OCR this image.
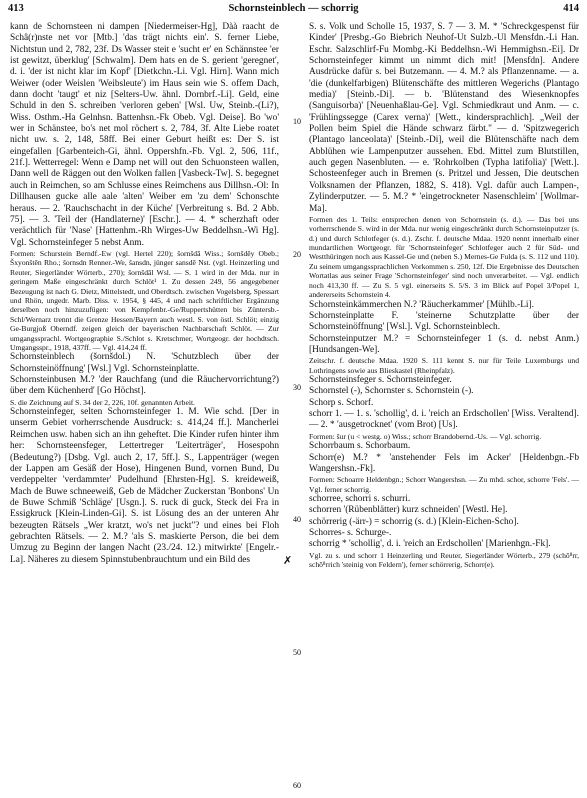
413	Schornsteinblech — schorrig	414

kann de Schornsteen ni dampen [Niedermeiser-Hg], Dàà raacht de Schâ(r)nste net vor [Mtb.] 'das trägt nichts ein'. S. ferner Liebe, Nichtstun und 2, 782, 23f. Ds Wasser steit e 'sucht er' en Schännstee 'er ist gewitzt, überklug' [Schwalm]. Dem hats en de S. gerient 'geregnet', d. i. 'der ist nicht klar im Kopf' [Dietkchn.-Li. Vgl. Hirn]. Wann mich Weiwer (oder Weislen 'Weibsleute') im Haus sein wie S. offem Dach, dann docht 'taugt' et niz [Selters-Uw. ähnl. Dornbrf.-Li]. Geld, eine Schuld in den S. schreiben 'verloren geben' [Wsl. Uw, Steinb.-(Li?), Wiss. Osthm.-Ha Gelnhsn. Battenhsn.-Fk Obeb. Vgl. Deise]. Bo 'wo' wer in Schänstee, bo's net mol röchert s. 2, 784, 3f. Alte Liebe roatet nicht uw. s. 2, 148, 58ff. Bei einer Geburt heißt es: Der S. ist eingefallen [Garbenteich-Gi, ähnl. Oppershfn.-Fb. Vgl. 2, 506, 11f., 21f.]. Wetterregel: Wenn e Damp net will out den Schuonsteen wallen, Dann well de Räggen out den Wolken fallen [Vasbeck-Tw]. S. begegnet auch in Reimchen, so am Schlusse eines Reimchens aus Dillhsn.-Ol: In Dillhausen gucke alle aale 'alten' Weiber em 'zu dem' Schonschte heraus. — 2. 'Rauchschacht in der Küche' [Verbreitung s. Bd. 2 Abb. 75]. — 3. 'Teil der (Handlaterne)' [Eschr.]. — 4. * scherzhaft oder verächtlich für 'Nase' [Hattenhm.-Rh Wirges-Uw Beddelhsn.-Wi Hg]. Vgl. Schornsteinfeger 5 nebst Anm.

Formen: Schurstein Berndf.-Ew (vgl. Hertel 220); šornšdā Wiss.; šornšdēy Obeb.; Šxyonštēn Rho.; šornsdn Renner.-We, šansdn, jünger sansdē Nst. (vgl. Heinzerling und Reuter, Siegerländer Wörterb., 270); šornšdāl Wsl. — S. 1 wird in der Mda. nur in geringem Maße eingeschränkt durch Schlöt¹ 1. Zu dessen 249, 56 angegebener Bezeugung ist nach G. Dietz, Mittelstedt, und Oberdtsch. zwischen Vogelsberg, Spessart und Rhön, ungedr. Marb. Diss. v. 1954, § 445, 4 und nach schriftlicher Ergänzung derselben noch hinzuzufügen: von Kempfenbr.-Ge/Ruppertshütten bis Züntersb.-Schl/Wernarz trennt die Grenze Hessen/Bayern auch westl. S. von östl. Schlöt; einzig Ge-Burgjoß Oberndf. zeigen gleich der bayerischen Nachbarschaft Schlöt. — Zur umgangssprachl. Wortgeographie S./Schlot s. Kretschmer, Wortgeogr. der hochdtsch. Umgangsspr., 1918, 437ff. — Vgl. 414,24 ff.

Schornsteinblech (šornšdol.) N. 'Schutzblech über der Schornsteinöffnung' [Wsl.] Vgl. Schornsteinplatte.

Schornsteinbusen M.? 'der Rauchfang (und die Räuchervorrichtung?) über dem Küchenherd' [Go Höchst].

S. die Zeichnung auf S. 34 der 2, 226, 10f. genannten Arbeit.

Schornsteinfeger, selten Schornsteinfeger 1. M. Wie schd. [Der in unserm Gebiet vorherrschende Ausdruck: s. 414,24 ff.]. Mancherlei Reimchen usw. haben sich an ihn geheftet. Die Kinder rufen hinter ihm her: Schornsteensfeger, Lettertreger 'Leiterträger', Hosespohn (Bedeutung?) [Dsbg. Vgl. auch 2, 17, 5ff.]. S., Lappenträger (wegen der Lappen am Gesäß der Hose), Hingenen Bund, vornen Bund, Du verdeppelter 'verdammter' Pudelhund [Ehrsten-Hg]. S. kreideweiß, Mach de Buwe schneeweiß, Geb de Mädcher Zuckerstan 'Bonbons' Un de Buwe Schmiß 'Schläge' [Usgn.]. S. ruck di guck, Steck dei Fra in Essigkruck [Klein-Linden-Gi]. S. ist Lösung des an der unteren Ahr bezeugten Rätsels „Wer kratzt, wo's net juckt"? und eines bei Floh gebrachten Rätsels. — 2. M.? 'als S. maskierte Person, die bei dem Umzug zu Beginn der langen Nacht (23./24. 12.) mitwirkte' [Engelr.-La]. Näheres zu diesem Spinnstubenbrauchtum und ein Bild des

10
20
30
40
50
60
✗

S. s. Volk und Scholle 15, 1937, S. 7 — 3. M. * 'Schreckgespenst für Kinder' [Presbg.-Go Biebrich Neuhof-Ut Sulzb.-Ul Mensfdn.-Li Han. Eschr. Salzschlirf-Fu Mombg.-Ki Beddelhsn.-Wi Hemmighsn.-Ei]. Dr Schornsteinfeger kimmt un nimmt dich mit! [Mensfdn]. Andere Ausdrücke dafür s. bei Butzemann. — 4. M.? als Pflanzenname. — a. 'die (dunkelfarbigen) Blütenschäfte des mittleren Wegerichs (Plantago media)' [Steinb.-Di]. — b. 'Blütenstand des Wiesenknopfes (Sanguisorba)' [Neuenhaßlau-Ge]. Vgl. Schmiedkraut und Anm. — c. 'Frühlingssegge (Carex verna)' [Wett., kindersprachlich]. „Weil der Pollen beim Spiel die Hände schwarz färbt." — d. 'Spitzwegerich (Plantago lanceolata)' [Steinb.-Di], weil die Blütenschäfte nach dem Abblühen wie Lampenputzer aussehen. Ebd. Mittel zum Blutstillen, auch gegen Nasenbluten. — e. 'Rohrkolben (Typha latifolia)' [Wett.]. Schosteenfeger auch in Bremen (s. Pritzel und Jessen, Die deutschen Volksnamen der Pflanzen, 1882, S. 418). Vgl. dafür auch Lampen-, Zylinderputzer. — 5. M.? * 'eingetrockneter Nasenschleim' [Wollmar-Ma].

Formen des 1. Teils: entsprechen denen von Schornstein (s. d.). — Das bei uns vorherrschende S. wird in der Mda. nur wenig eingeschränkt durch Schornsteinputzer (s. d.) und durch Schlotfeger (s. d.). Zschr. f. deutsche Mdaa. 1920 nennt innerhalb einer mundartlichen Wortgeogr. für 'Schornsteinfeger' Schlotfeger auch 2 für Süd- und Westthüringen noch aus Kassel-Ge und (neben S.) Mernes-Ge Fulda (s. S. 112 und 110). Zu seinem umgangssprachlichen Vorkommen s. 250, 12f. Die Ergebnisse des Deutschen Wortatlas aus seiner Frage 'Schornsteinfeger' sind noch unverarbeitet. — Vgl. endlich noch 413,30 ff. — Zu S. 5 vgl. einerseits S. 5/S. 3 im Blick auf Popel 3/Popel 1, andererseits Schornstein 4.

Schornsteinkämmerchen N.? 'Räucherkammer' [Mühlb.-Li].

Schornsteinplatte F. 'steinerne Schutzplatte über der Schornsteinöffnung' [Wsl.]. Vgl. Schornsteinblech.

Schornsteinputzer M.? = Schornsteinfeger 1 (s. d. nebst Anm.) [Hundsangen-We].

Zeitschr. f. deutsche Mdaa. 1920 S. 111 kennt S. nur für Teile Luxemburgs und Lothringens sowie aus Blieskastel (Rheinpfalz).

Schornsteinsfeger s. Schornsteinfeger.

Schornstel (-), Schornster s. Schornstein (-).

Schorp s. Schorf.

schorr 1. — 1. s. 'schollig', d. i. 'reich an Erdschollen' [Wiss. Veraltend]. — 2. * 'ausgetrocknet' (vom Brot) [Us].

Formen: šur (u < westg. o) Wiss.; schorr Brandobernd.-Us. — Vgl. schorrig.

Schorrbaum s. Schorbaum.

Schorr(e) M.? * 'anstehender Fels im Acker' [Heldenbgn.-Fb Wangershsn.-Fk].

Formen: Schoarre Heldenbgn.; Schorr Wangershsn. — Zu mhd. schor, schorre 'Fels'. — Vgl. ferner schorrig.

schorree, schorri s. schurri.

schorren '(Rübenblätter) kurz schneiden' [Westl. He].

schörrerig (-ärr-) = schorrig (s. d.) [Klein-Eichen-Scho].

Schorres- s. Schurge-.

schorrig * 'schollig', d. i. 'reich an Erdschollen' [Marienhgn.-Fk].

Vgl. zu s. und schorr 1 Heinzerling und Reuter, Siegerländer Wörterb., 279 (schō⁸rr, schō⁸rrich 'steinig von Feldern'), ferner schörrerig, Schorr(e).
